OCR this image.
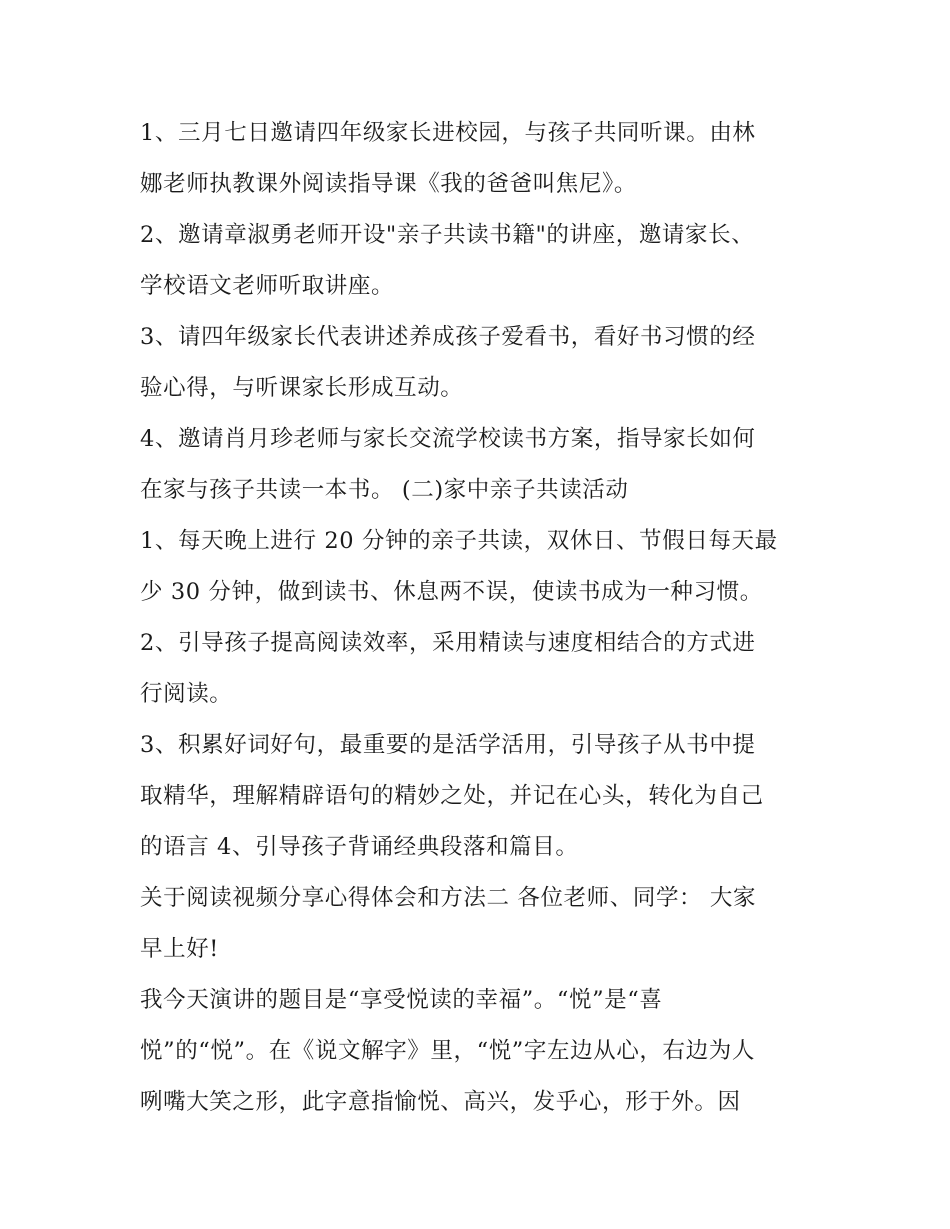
1、三月七日邀请四年级家长进校园，与孩子共同听课。由林
娜老师执教课外阅读指导课《我的爸爸叫焦尼》。
2、邀请章淑勇老师开设"亲子共读书籍"的讲座，邀请家长、
学校语文老师听取讲座。
3、请四年级家长代表讲述养成孩子爱看书，看好书习惯的经
验心得，与听课家长形成互动。
4、邀请肖月珍老师与家长交流学校读书方案，指导家长如何
在家与孩子共读一本书。 (二)家中亲子共读活动
1、每天晚上进行 20 分钟的亲子共读，双休日、节假日每天最
少 30 分钟，做到读书、休息两不误，使读书成为一种习惯。
2、引导孩子提高阅读效率，采用精读与速度相结合的方式进
行阅读。
3、积累好词好句，最重要的是活学活用，引导孩子从书中提
取精华，理解精辟语句的精妙之处，并记在心头，转化为自己
的语言 4、引导孩子背诵经典段落和篇目。
关于阅读视频分享心得体会和方法二 各位老师、同学： 大家
早上好!
我今天演讲的题目是“享受悦读的幸福”。“悦”是“喜
悦”的“悦”。在《说文解字》里，“悦”字左边从心，右边为人
咧嘴大笑之形，此字意指愉悦、高兴，发乎心，形于外。因
